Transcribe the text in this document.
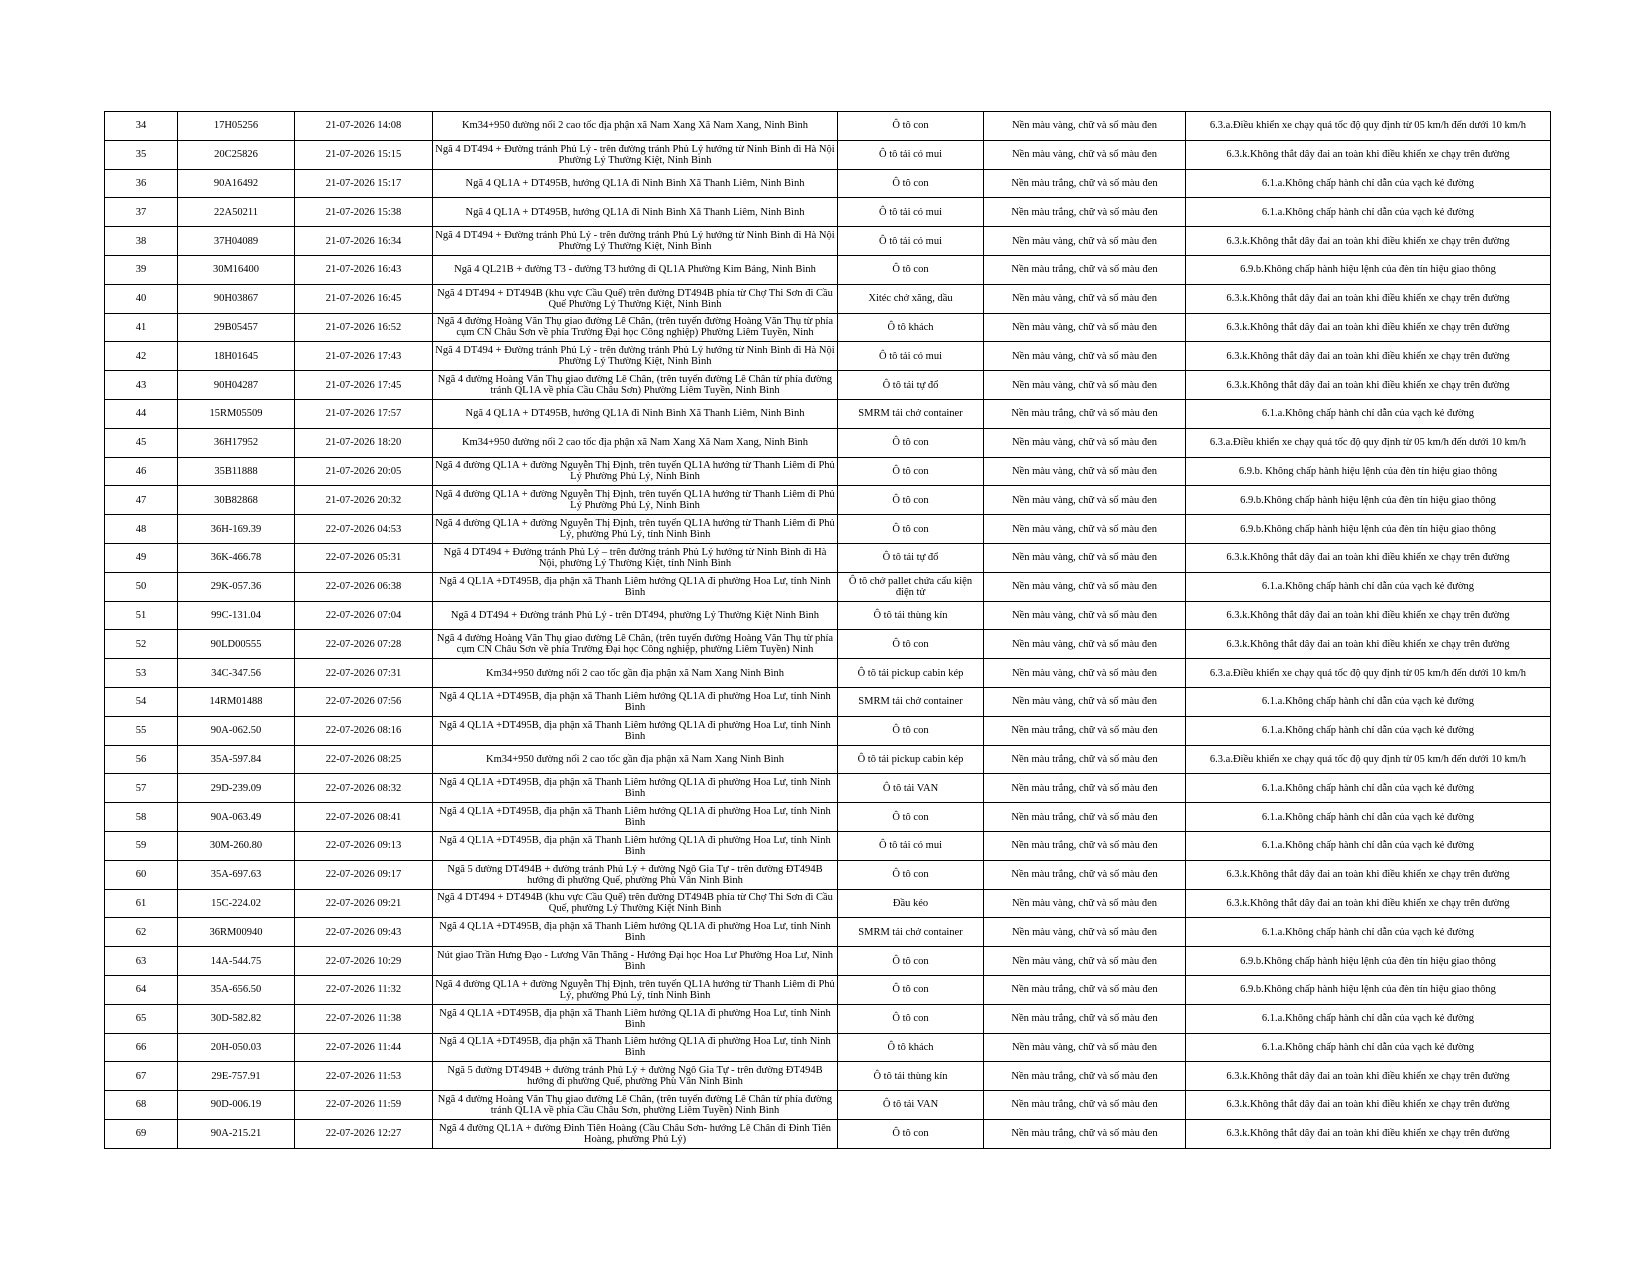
34	17H05256	21-07-2026 14:08	Km34+950 đường nối 2 cao tốc địa phận xã Nam Xang Xã Nam Xang, Ninh Bình	Ô tô con	Nền màu vàng, chữ và số màu đen	6.3.a.Điều khiển xe chạy quá tốc độ quy định từ 05 km/h đến dưới 10 km/h
35	20C25826	21-07-2026 15:15	Ngã 4 DT494 + Đường tránh Phủ Lý - trên đường tránh Phủ Lý hướng từ Ninh Bình đi Hà Nội Phường Lý Thường Kiệt, Ninh Bình	Ô tô tải có mui	Nền màu vàng, chữ và số màu đen	6.3.k.Không thắt dây đai an toàn khi điều khiển xe chạy trên đường
36	90A16492	21-07-2026 15:17	Ngã 4 QL1A + DT495B, hướng QL1A đi Ninh Bình Xã Thanh Liêm, Ninh Bình	Ô tô con	Nền màu trắng, chữ và số màu đen	6.1.a.Không chấp hành chỉ dẫn của vạch kẻ đường
37	22A50211	21-07-2026 15:38	Ngã 4 QL1A + DT495B, hướng QL1A đi Ninh Bình Xã Thanh Liêm, Ninh Bình	Ô tô tải có mui	Nền màu trắng, chữ và số màu đen	6.1.a.Không chấp hành chỉ dẫn của vạch kẻ đường
38	37H04089	21-07-2026 16:34	Ngã 4 DT494 + Đường tránh Phủ Lý - trên đường tránh Phủ Lý hướng từ Ninh Bình đi Hà Nội Phường Lý Thường Kiệt, Ninh Bình	Ô tô tải có mui	Nền màu vàng, chữ và số màu đen	6.3.k.Không thắt dây đai an toàn khi điều khiển xe chạy trên đường
39	30M16400	21-07-2026 16:43	Ngã 4 QL21B + đường T3 - đường T3 hướng đi QL1A Phường Kim Bảng, Ninh Bình	Ô tô con	Nền màu trắng, chữ và số màu đen	6.9.b.Không chấp hành hiệu lệnh của đèn tín hiệu giao thông
40	90H03867	21-07-2026 16:45	Ngã 4 DT494 + DT494B (khu vực Cầu Quế) trên đường DT494B phía từ Chợ Thi Sơn đi Cầu Quế Phường Lý Thường Kiệt, Ninh Bình	Xitéc chở xăng, dầu	Nền màu vàng, chữ và số màu đen	6.3.k.Không thắt dây đai an toàn khi điều khiển xe chạy trên đường
41	29B05457	21-07-2026 16:52	Ngã 4 đường Hoàng Văn Thụ giao đường Lê Chân, (trên tuyến đường Hoàng Văn Thụ từ phía cụm CN Châu Sơn về phía Trường Đại học Công nghiệp) Phường Liêm Tuyền, Ninh	Ô tô khách	Nền màu vàng, chữ và số màu đen	6.3.k.Không thắt dây đai an toàn khi điều khiển xe chạy trên đường
42	18H01645	21-07-2026 17:43	Ngã 4 DT494 + Đường tránh Phủ Lý - trên đường tránh Phủ Lý hướng từ Ninh Bình đi Hà Nội Phường Lý Thường Kiệt, Ninh Bình	Ô tô tải có mui	Nền màu vàng, chữ và số màu đen	6.3.k.Không thắt dây đai an toàn khi điều khiển xe chạy trên đường
43	90H04287	21-07-2026 17:45	Ngã 4 đường Hoàng Văn Thụ giao đường Lê Chân, (trên tuyến đường Lê Chân từ phía đường tránh QL1A về phía Cầu Châu Sơn) Phường Liêm Tuyền, Ninh Bình	Ô tô tải tự đổ	Nền màu vàng, chữ và số màu đen	6.3.k.Không thắt dây đai an toàn khi điều khiển xe chạy trên đường
44	15RM05509	21-07-2026 17:57	Ngã 4 QL1A + DT495B, hướng QL1A đi Ninh Bình Xã Thanh Liêm, Ninh Bình	SMRM tải chở container	Nền màu trắng, chữ và số màu đen	6.1.a.Không chấp hành chỉ dẫn của vạch kẻ đường
45	36H17952	21-07-2026 18:20	Km34+950 đường nối 2 cao tốc địa phận xã Nam Xang Xã Nam Xang, Ninh Bình	Ô tô con	Nền màu vàng, chữ và số màu đen	6.3.a.Điều khiển xe chạy quá tốc độ quy định từ 05 km/h đến dưới 10 km/h
46	35B11888	21-07-2026 20:05	Ngã 4 đường QL1A + đường Nguyễn Thị Định, trên tuyến QL1A hướng từ Thanh Liêm đi Phủ Lý Phường Phủ Lý, Ninh Bình	Ô tô con	Nền màu vàng, chữ và số màu đen	6.9.b. Không chấp hành hiệu lệnh của đèn tín hiệu giao thông
47	30B82868	21-07-2026 20:32	Ngã 4 đường QL1A + đường Nguyễn Thị Định, trên tuyến QL1A hướng từ Thanh Liêm đi Phủ Lý Phường Phủ Lý, Ninh Bình	Ô tô con	Nền màu vàng, chữ và số màu đen	6.9.b.Không chấp hành hiệu lệnh của đèn tín hiệu giao thông
48	36H-169.39	22-07-2026 04:53	Ngã 4 đường QL1A + đường Nguyễn Thị Định, trên tuyến QL1A hướng từ Thanh Liêm đi Phủ Lý, phường Phủ Lý, tỉnh Ninh Bình	Ô tô con	Nền màu vàng, chữ và số màu đen	6.9.b.Không chấp hành hiệu lệnh của đèn tín hiệu giao thông
49	36K-466.78	22-07-2026 05:31	Ngã 4 DT494 + Đường tránh Phủ Lý – trên đường tránh Phủ Lý hướng từ Ninh Bình đi Hà Nội, phường Lý Thường Kiệt, tỉnh Ninh Bình	Ô tô tải tự đổ	Nền màu vàng, chữ và số màu đen	6.3.k.Không thắt dây đai an toàn khi điều khiển xe chạy trên đường
50	29K-057.36	22-07-2026 06:38	Ngã 4 QL1A +DT495B, địa phận xã Thanh Liêm hướng QL1A đi phường Hoa Lư, tỉnh Ninh Bình	Ô tô chở pallet chứa cấu kiện điện tử	Nền màu vàng, chữ và số màu đen	6.1.a.Không chấp hành chỉ dẫn của vạch kẻ đường
51	99C-131.04	22-07-2026 07:04	Ngã 4 DT494 + Đường tránh Phủ Lý - trên DT494, phường Lý Thường Kiệt Ninh Bình	Ô tô tải thùng kín	Nền màu vàng, chữ và số màu đen	6.3.k.Không thắt dây đai an toàn khi điều khiển xe chạy trên đường
52	90LD00555	22-07-2026 07:28	Ngã 4 đường Hoàng Văn Thụ giao đường Lê Chân, (trên tuyến đường Hoàng Văn Thụ từ phía cụm CN Châu Sơn về phía Trường Đại học Công nghiệp, phường Liêm Tuyền) Ninh	Ô tô con	Nền màu vàng, chữ và số màu đen	6.3.k.Không thắt dây đai an toàn khi điều khiển xe chạy trên đường
53	34C-347.56	22-07-2026 07:31	Km34+950 đường nối 2 cao tốc gần địa phận xã Nam Xang Ninh Bình	Ô tô tải pickup cabin kép	Nền màu vàng, chữ và số màu đen	6.3.a.Điều khiển xe chạy quá tốc độ quy định từ 05 km/h đến dưới 10 km/h
54	14RM01488	22-07-2026 07:56	Ngã 4 QL1A +DT495B, địa phận xã Thanh Liêm hướng QL1A đi phường Hoa Lư, tỉnh Ninh Bình	SMRM tải chở container	Nền màu vàng, chữ và số màu đen	6.1.a.Không chấp hành chỉ dẫn của vạch kẻ đường
55	90A-062.50	22-07-2026 08:16	Ngã 4 QL1A +DT495B, địa phận xã Thanh Liêm hướng QL1A đi phường Hoa Lư, tỉnh Ninh Bình	Ô tô con	Nền màu trắng, chữ và số màu đen	6.1.a.Không chấp hành chỉ dẫn của vạch kẻ đường
56	35A-597.84	22-07-2026 08:25	Km34+950 đường nối 2 cao tốc gần địa phận xã Nam Xang Ninh Bình	Ô tô tải pickup cabin kép	Nền màu trắng, chữ và số màu đen	6.3.a.Điều khiển xe chạy quá tốc độ quy định từ 05 km/h đến dưới 10 km/h
57	29D-239.09	22-07-2026 08:32	Ngã 4 QL1A +DT495B, địa phận xã Thanh Liêm hướng QL1A đi phường Hoa Lư, tỉnh Ninh Bình	Ô tô tải VAN	Nền màu trắng, chữ và số màu đen	6.1.a.Không chấp hành chỉ dẫn của vạch kẻ đường
58	90A-063.49	22-07-2026 08:41	Ngã 4 QL1A +DT495B, địa phận xã Thanh Liêm hướng QL1A đi phường Hoa Lư, tỉnh Ninh Bình	Ô tô con	Nền màu trắng, chữ và số màu đen	6.1.a.Không chấp hành chỉ dẫn của vạch kẻ đường
59	30M-260.80	22-07-2026 09:13	Ngã 4 QL1A +DT495B, địa phận xã Thanh Liêm hướng QL1A đi phường Hoa Lư, tỉnh Ninh Bình	Ô tô tải có mui	Nền màu trắng, chữ và số màu đen	6.1.a.Không chấp hành chỉ dẫn của vạch kẻ đường
60	35A-697.63	22-07-2026 09:17	Ngã 5 đường DT494B + đường tránh Phủ Lý + đường Ngô Gia Tự - trên đường ĐT494B hướng đi phường Quế, phường Phù Vân Ninh Bình	Ô tô con	Nền màu trắng, chữ và số màu đen	6.3.k.Không thắt dây đai an toàn khi điều khiển xe chạy trên đường
61	15C-224.02	22-07-2026 09:21	Ngã 4 DT494 + DT494B (khu vực Cầu Quế) trên đường DT494B phía từ Chợ Thi Sơn đi Cầu Quế, phường Lý Thường Kiệt Ninh Bình	Đầu kéo	Nền màu vàng, chữ và số màu đen	6.3.k.Không thắt dây đai an toàn khi điều khiển xe chạy trên đường
62	36RM00940	22-07-2026 09:43	Ngã 4 QL1A +DT495B, địa phận xã Thanh Liêm hướng QL1A đi phường Hoa Lư, tỉnh Ninh Bình	SMRM tải chở container	Nền màu vàng, chữ và số màu đen	6.1.a.Không chấp hành chỉ dẫn của vạch kẻ đường
63	14A-544.75	22-07-2026 10:29	Nút giao Trần Hưng Đạo - Lương Văn Thăng - Hướng Đại học Hoa Lư Phường Hoa Lư, Ninh Bình	Ô tô con	Nền màu vàng, chữ và số màu đen	6.9.b.Không chấp hành hiệu lệnh của đèn tín hiệu giao thông
64	35A-656.50	22-07-2026 11:32	Ngã 4 đường QL1A + đường Nguyễn Thị Định, trên tuyến QL1A hướng từ Thanh Liêm đi Phủ Lý, phường Phủ Lý, tỉnh Ninh Bình	Ô tô con	Nền màu trắng, chữ và số màu đen	6.9.b.Không chấp hành hiệu lệnh của đèn tín hiệu giao thông
65	30D-582.82	22-07-2026 11:38	Ngã 4 QL1A +DT495B, địa phận xã Thanh Liêm hướng QL1A đi phường Hoa Lư, tỉnh Ninh Bình	Ô tô con	Nền màu trắng, chữ và số màu đen	6.1.a.Không chấp hành chỉ dẫn của vạch kẻ đường
66	20H-050.03	22-07-2026 11:44	Ngã 4 QL1A +DT495B, địa phận xã Thanh Liêm hướng QL1A đi phường Hoa Lư, tỉnh Ninh Bình	Ô tô khách	Nền màu vàng, chữ và số màu đen	6.1.a.Không chấp hành chỉ dẫn của vạch kẻ đường
67	29E-757.91	22-07-2026 11:53	Ngã 5 đường DT494B + đường tránh Phủ Lý + đường Ngô Gia Tự - trên đường ĐT494B hướng đi phường Quế, phường Phù Vân Ninh Bình	Ô tô tải thùng kín	Nền màu trắng, chữ và số màu đen	6.3.k.Không thắt dây đai an toàn khi điều khiển xe chạy trên đường
68	90D-006.19	22-07-2026 11:59	Ngã 4 đường Hoàng Văn Thụ giao đường Lê Chân, (trên tuyến đường Lê Chân từ phía đường tránh QL1A về phía Cầu Châu Sơn, phường Liêm Tuyền) Ninh Bình	Ô tô tải VAN	Nền màu trắng, chữ và số màu đen	6.3.k.Không thắt dây đai an toàn khi điều khiển xe chạy trên đường
69	90A-215.21	22-07-2026 12:27	Ngã 4 đường QL1A + đường Đinh Tiên Hoàng (Cầu Châu Sơn- hướng Lê Chân đi Đinh Tiên Hoàng, phường Phủ Lý)	Ô tô con	Nền màu trắng, chữ và số màu đen	6.3.k.Không thắt dây đai an toàn khi điều khiển xe chạy trên đường
